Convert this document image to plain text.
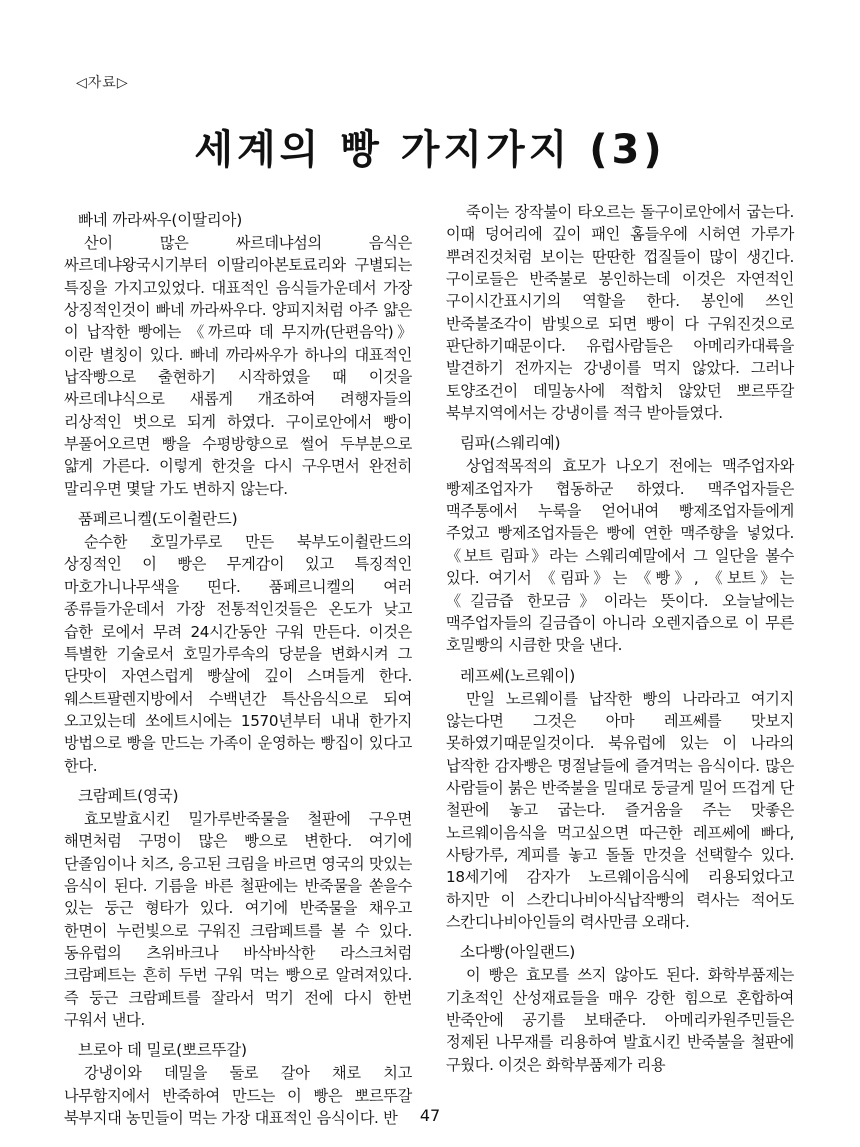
◁자료▷
세계의 빵 가지가지 (3)
빠네 까라싸우(이딸리아)

산이 많은 싸르데냐섬의 음식은 싸르데냐왕국시기부터 이딸리아본토료리와 구별되는 특징을 가지고있었다. 대표적인 음식들가운데서 가장 상징적인것이 빠네 까라싸우다. 양피지처럼 아주 얇은 이 납작한 빵에는 《까르따 데 무지까(단편음악)》이란 별칭이 있다. 빠네 까라싸우가 하나의 대표적인 납작빵으로 출현하기 시작하였을 때 이것을 싸르데냐식으로 새롭게 개조하여 려행자들의 리상적인 벗으로 되게 하였다. 구이로안에서 빵이 부풀어오르면 빵을 수평방향으로 썰어 두부분으로 얇게 가른다. 이렇게 한것을 다시 구우면서 완전히 말리우면 몇달 가도 변하지 않는다.

품페르니켈(도이췰란드)

순수한 호밀가루로 만든 북부도이췰란드의 상징적인 이 빵은 무게감이 있고 특징적인 마호가니나무색을 띤다. 품페르니켈의 여러 종류들가운데서 가장 전통적인것들은 온도가 낮고 습한 로에서 무려 24시간동안 구워 만든다. 이것은 특별한 기술로서 호밀가루속의 당분을 변화시켜 그 단맛이 자연스럽게 빵살에 깊이 스며들게 한다. 웨스트팔렌지방에서 수백년간 특산음식으로 되여 오고있는데 쏘에트시에는 1570년부터 내내 한가지 방법으로 빵을 만드는 가족이 운영하는 빵집이 있다고 한다.

크람페트(영국)

효모발효시킨 밀가루반죽물을 철판에 구우면 해면처럼 구멍이 많은 빵으로 변한다. 여기에 단졸임이나 치즈, 응고된 크림을 바르면 영국의 맛있는 음식이 된다. 기름을 바른 철판에는 반죽물을 쏟을수 있는 둥근 형타가 있다. 여기에 반죽물을 채우고 한면이 누런빛으로 구워진 크람페트를 볼 수 있다. 동유럽의 츠위바크나 바삭바삭한 라스크처럼 크람페트는 흔히 두번 구워 먹는 빵으로 알려져있다. 즉 둥근 크람페트를 잘라서 먹기 전에 다시 한번 구워서 낸다.

브로아 데 밀로(뽀르뚜갈)

강냉이와 데밀을 둘로 갈아 채로 치고 나무함지에서 반죽하여 만드는 이 빵은 뽀르뚜갈 북부지대 농민들이 먹는 가장 대표적인 음식이다. 반

죽이는 장작불이 타오르는 돌구이로안에서 굽는다. 이때 덩어리에 깊이 패인 홈들우에 시허연 가루가 뿌려진것처럼 보이는 딴딴한 껍질들이 많이 생긴다. 구이로들은 반죽불로 봉인하는데 이것은 자연적인 구이시간표시기의 역할을 한다. 봉인에 쓰인 반죽불조각이 밤빛으로 되면 빵이 다 구워진것으로 판단하기때문이다. 유럽사람들은 아메리카대륙을 발견하기 전까지는 강냉이를 먹지 않았다. 그러나 토양조건이 데밀농사에 적합치 않았던 뽀르뚜갈 북부지역에서는 강냉이를 적극 받아들였다.

림파(스웨리예)

상업적목적의 효모가 나오기 전에는 맥주업자와 빵제조업자가 협동하군 하였다. 맥주업자들은 맥주통에서 누룩을 얻어내여 빵제조업자들에게 주었고 빵제조업자들은 빵에 연한 맥주향을 넣었다. 《보트 림파》라는 스웨리예말에서 그 일단을 볼수 있다. 여기서 《림파》는 《빵》, 《보트》는 《길금즙 한모금》이라는 뜻이다. 오늘날에는 맥주업자들의 길금즙이 아니라 오렌지즙으로 이 무른 호밀빵의 시큼한 맛을 낸다.

레프쎄(노르웨이)

만일 노르웨이를 납작한 빵의 나라라고 여기지 않는다면 그것은 아마 레프쎄를 맛보지 못하였기때문일것이다. 북유럽에 있는 이 나라의 납작한 감자빵은 명절날들에 즐겨먹는 음식이다. 많은 사람들이 붉은 반죽불을 밀대로 둥글게 밀어 뜨겁게 단 철판에 놓고 굽는다. 즐거움을 주는 맛좋은 노르웨이음식을 먹고싶으면 따근한 레프쎄에 빠다, 사탕가루, 계피를 놓고 돌돌 만것을 선택할수 있다. 18세기에 감자가 노르웨이음식에 리용되었다고 하지만 이 스칸디나비아식납작빵의 력사는 적어도 스칸디나비아인들의 력사만큼 오래다.

소다빵(아일랜드)

이 빵은 효모를 쓰지 않아도 된다. 화학부품제는 기초적인 산성재료들을 매우 강한 힘으로 혼합하여 반죽안에 공기를 보태준다. 아메리카원주민들은 정제된 나무재를 리용하여 발효시킨 반죽불을 철판에 구웠다. 이것은 화학부품제가 리용

47
